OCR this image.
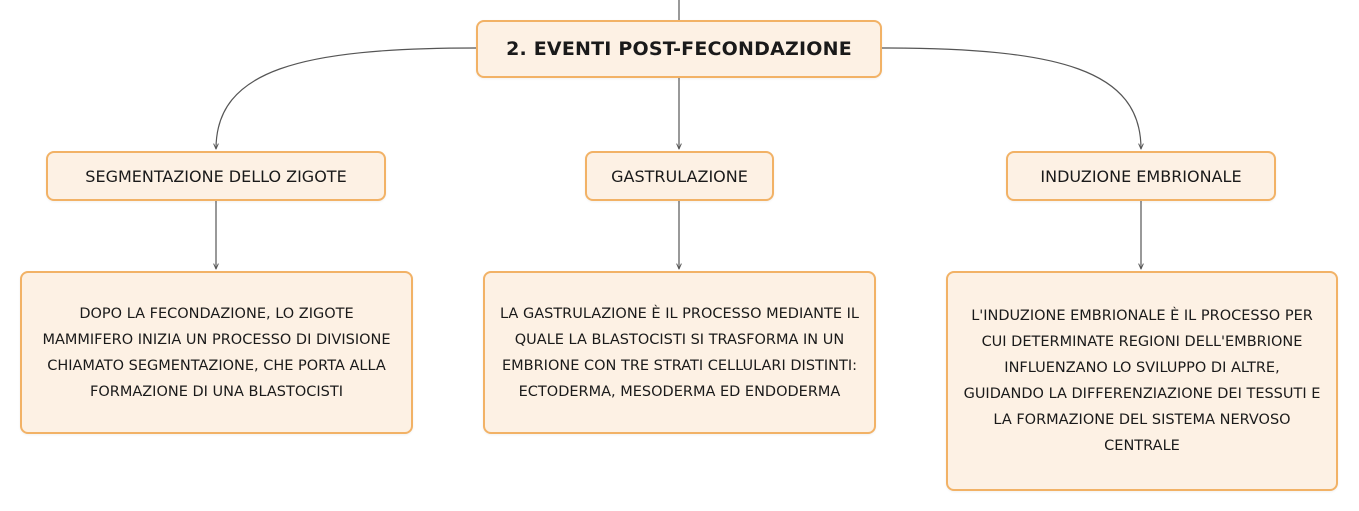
2. EVENTI POST-FECONDAZIONE
SEGMENTAZIONE DELLO ZIGOTE	GASTRULAZIONE	INDUZIONE EMBRIONALE
DOPO LA FECONDAZIONE, LO ZIGOTE MAMMIFERO INIZIA UN PROCESSO DI DIVISIONE CHIAMATO SEGMENTAZIONE, CHE PORTA ALLA FORMAZIONE DI UNA BLASTOCISTI
LA GASTRULAZIONE È IL PROCESSO MEDIANTE IL QUALE LA BLASTOCISTI SI TRASFORMA IN UN EMBRIONE CON TRE STRATI CELLULARI DISTINTI: ECTODERMA, MESODERMA ED ENDODERMA
L'INDUZIONE EMBRIONALE È IL PROCESSO PER CUI DETERMINATE REGIONI DELL'EMBRIONE INFLUENZANO LO SVILUPPO DI ALTRE, GUIDANDO LA DIFFERENZIAZIONE DEI TESSUTI E LA FORMAZIONE DEL SISTEMA NERVOSO CENTRALE
